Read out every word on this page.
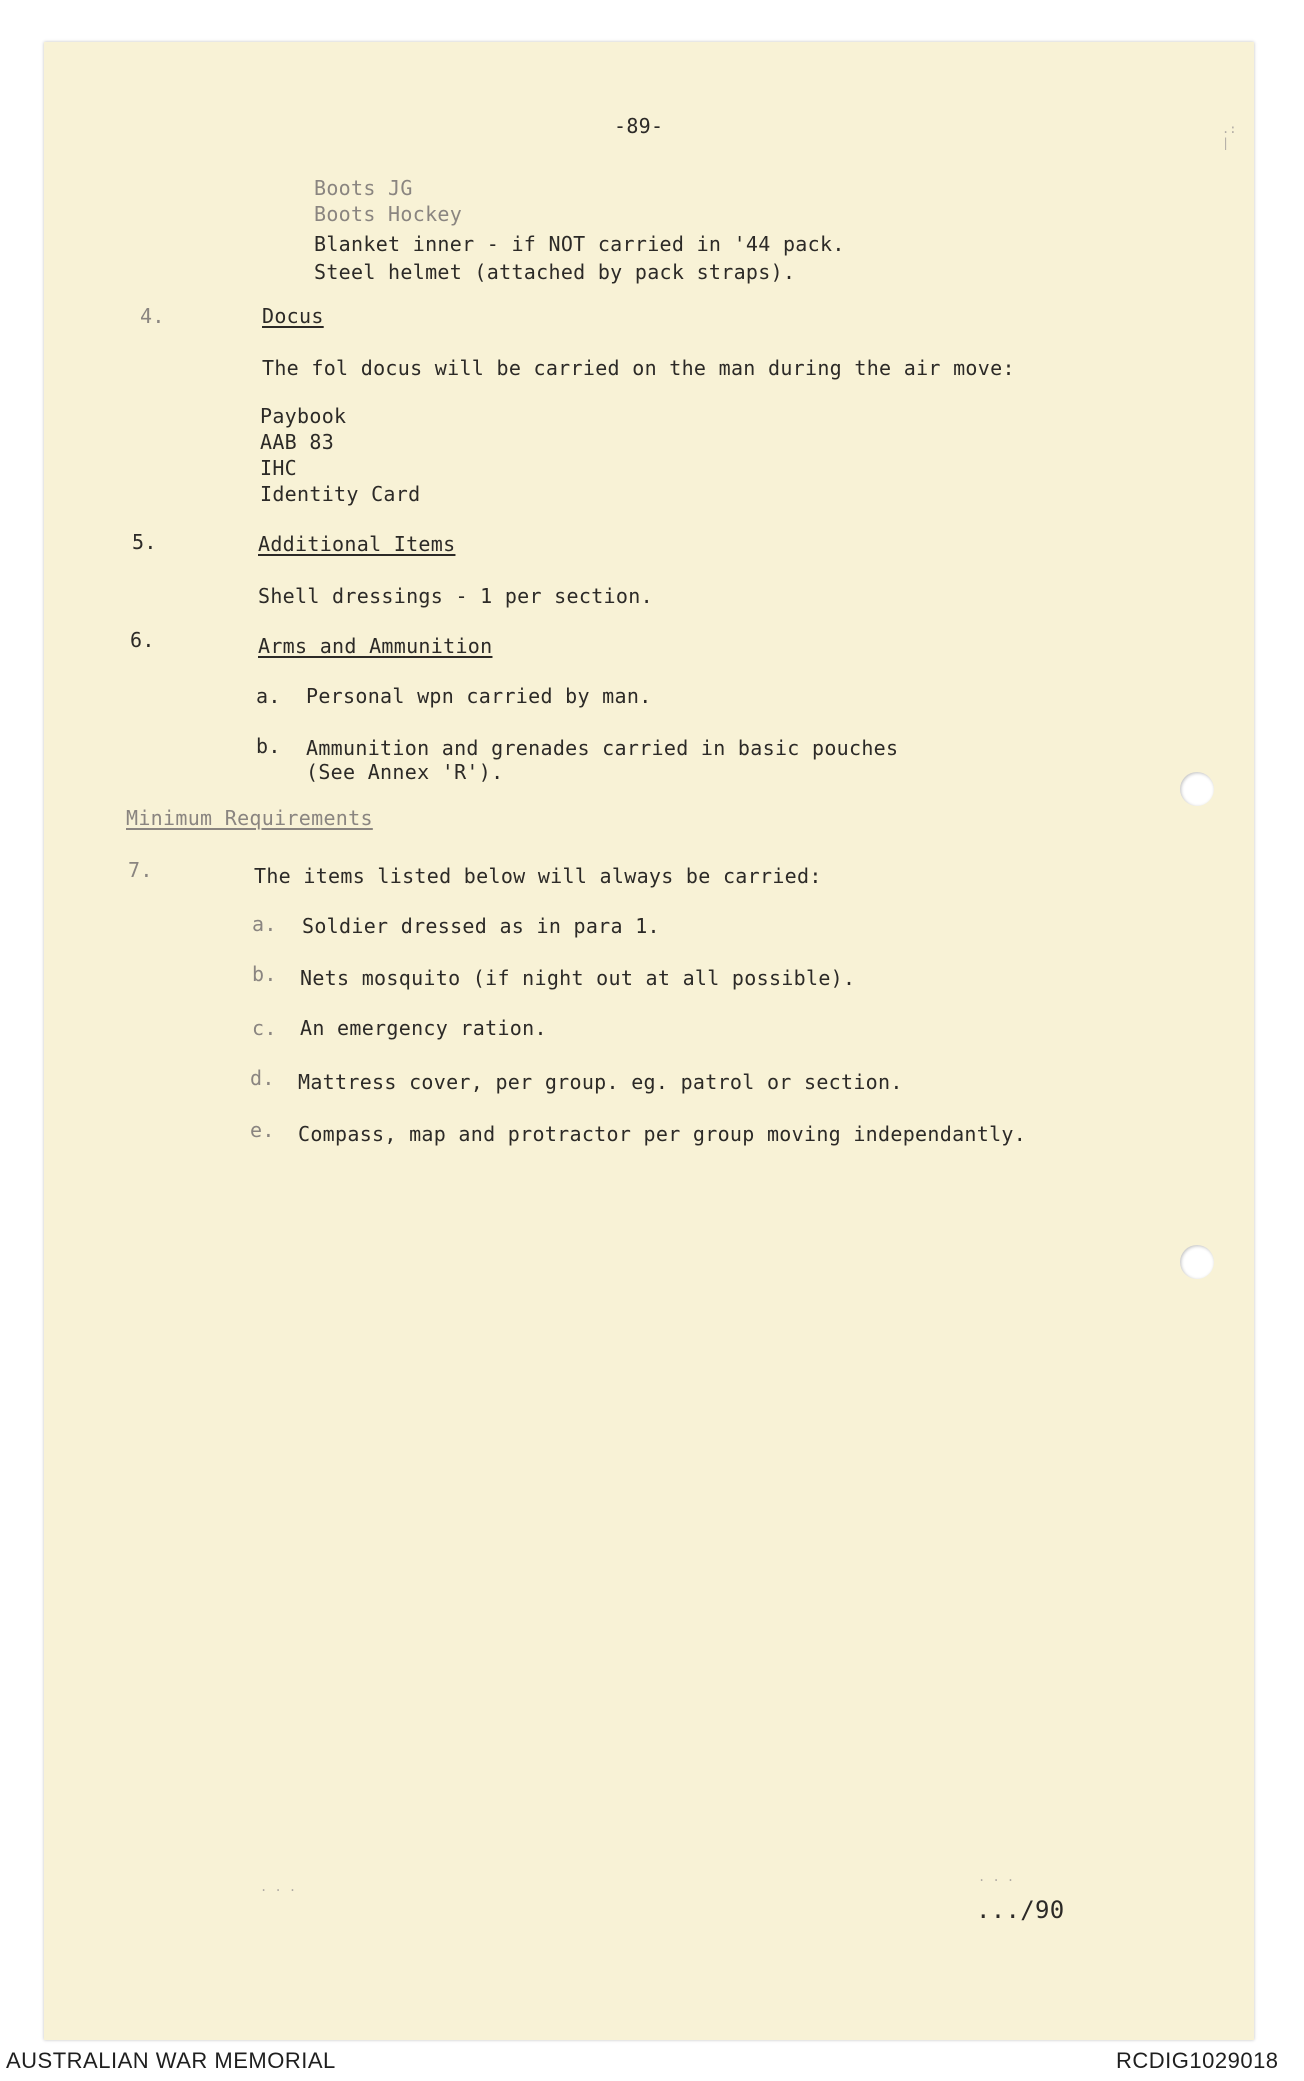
-89-	.:
|
Boots JG
Boots Hockey
Blanket inner - if NOT carried in '44 pack.
Steel helmet (attached by pack straps).
4.	Docus
The fol docus will be carried on the man during the air move:
Paybook
AAB 83
IHC
Identity Card
5.	Additional Items
Shell dressings - 1 per section.
6.	Arms and Ammunition
a. Personal wpn carried by man.
b. Ammunition and grenades carried in basic pouches
(See Annex 'R').
Minimum Requirements
7.	The items listed below will always be carried:
a. Soldier dressed as in para 1.
b. Nets mosquito (if night out at all possible).
c. An emergency ration.
d. Mattress cover, per group. eg. patrol or section.
e. Compass, map and protractor per group moving independantly.
. . .
. . .
.../90
AUSTRALIAN WAR MEMORIAL	RCDIG1029018
